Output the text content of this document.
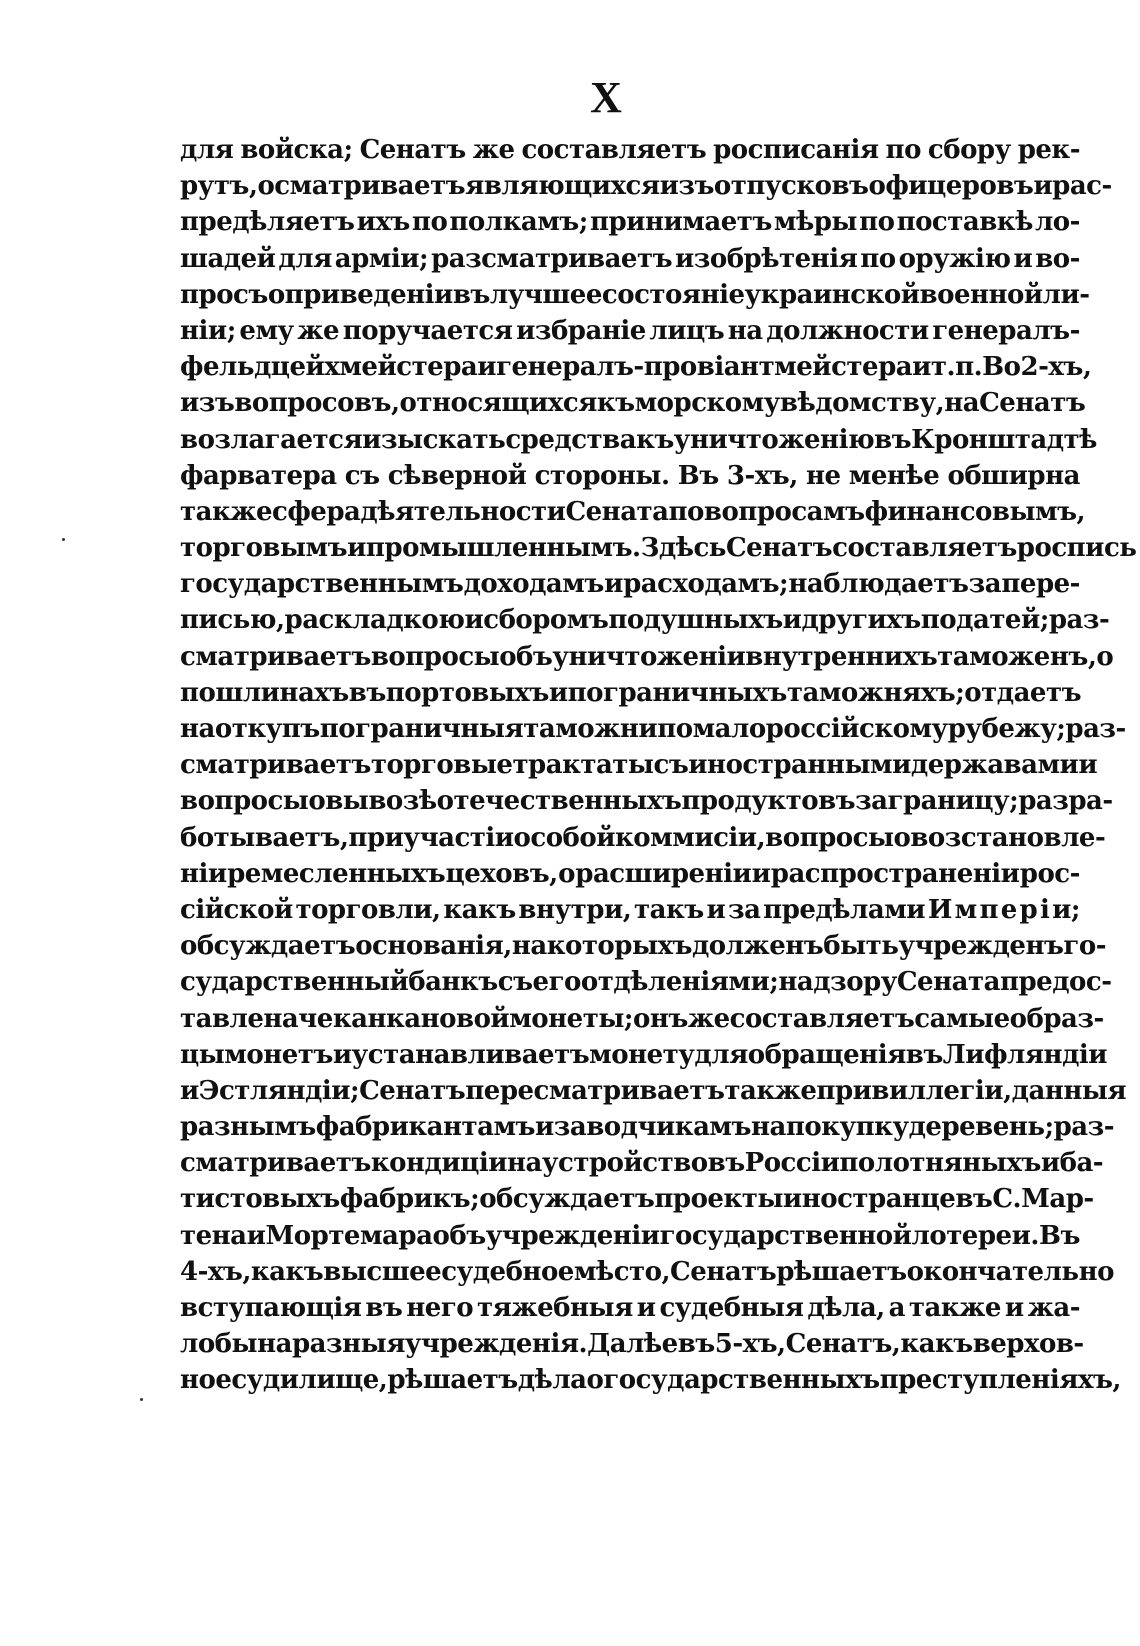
X
для войска; Сенатъ же составляетъ росписанія по сбору рек-
рутъ, осматриваетъ являющихся изъ отпусковъ офицеровъ и рас-
предѣляетъ ихъ по полкамъ; принимаетъ мѣры по поставкѣ ло-
шадей для арміи; разсматриваетъ изобрѣтенія по оружію и во-
просъ о приведеніи въ лучшее состояніе украинской военной ли-
ніи; ему же поручается избраніе лицъ на должности генералъ-
фельдцейхмейстера и генералъ-провіантмейстера и т. п. Во 2-хъ,
изъ вопросовъ, относящихся къ морскому вѣдомству, на Сенатъ
возлагается изыскать средства къ уничтоженію въ Кронштадтѣ
фарватера съ сѣверной стороны. Въ 3-хъ, не менѣе обширна
также сфера дѣятельности Сената по вопросамъ финансовымъ,
торговымъ и промышленнымъ. Здѣсь Сенатъ составляетъ роспись
государственнымъ доходамъ и расходамъ; наблюдаетъ за пере-
писью, раскладкою и сборомъ подушныхъ и другихъ податей; раз-
сматриваетъ вопросы объ уничтоженіи внутреннихъ таможенъ, о
пошлинахъ въ портовыхъ и пограничныхъ таможняхъ; отдаетъ
на откупъ пограничныя таможни по малороссійскому рубежу; раз-
сматриваетъ торговые трактаты съ иностранными державами и
вопросы о вывозѣ отечественныхъ продуктовъ заграницу; разра-
ботываетъ, при участіи особой коммисіи, вопросы о возстановле-
ніи ремесленныхъ цеховъ, о расширеніи и распространеніи рос-
сійской торговли, какъ внутри, такъ и за предѣлами И м п е р і и;
обсуждаетъ основанія, на которыхъ долженъ быть учрежденъ го-
сударственный банкъ съ его отдѣленіями; надзору Сената предос-
тавлена чеканка новой монеты; онъ же составляетъ самые образ-
цы монетъ и устанавливаетъ монету для обращенія въ Лифляндіи
и Эстляндіи; Сенатъ пересматриваетъ также привиллегіи, данныя
разнымъ фабрикантамъ и заводчикамъ на покупку деревень; раз-
сматриваетъ кондиціи на устройство въ Россіи полотняныхъ и ба-
тистовыхъ фабрикъ; обсуждаетъ проекты иностранцевъ С. Мар-
тена и Мортемара объ учрежденіи государственной лотереи. Въ
4-хъ, какъ высшее судебное мѣсто, Сенатъ рѣшаетъ окончательно
вступающія въ него тяжебныя и судебныя дѣла, а также и жа-
лобы на разныя учрежденія. Далѣе въ 5-хъ, Сенатъ, какъ верхов-
ное судилище, рѣшаетъ дѣла о государственныхъ преступленіяхъ,
